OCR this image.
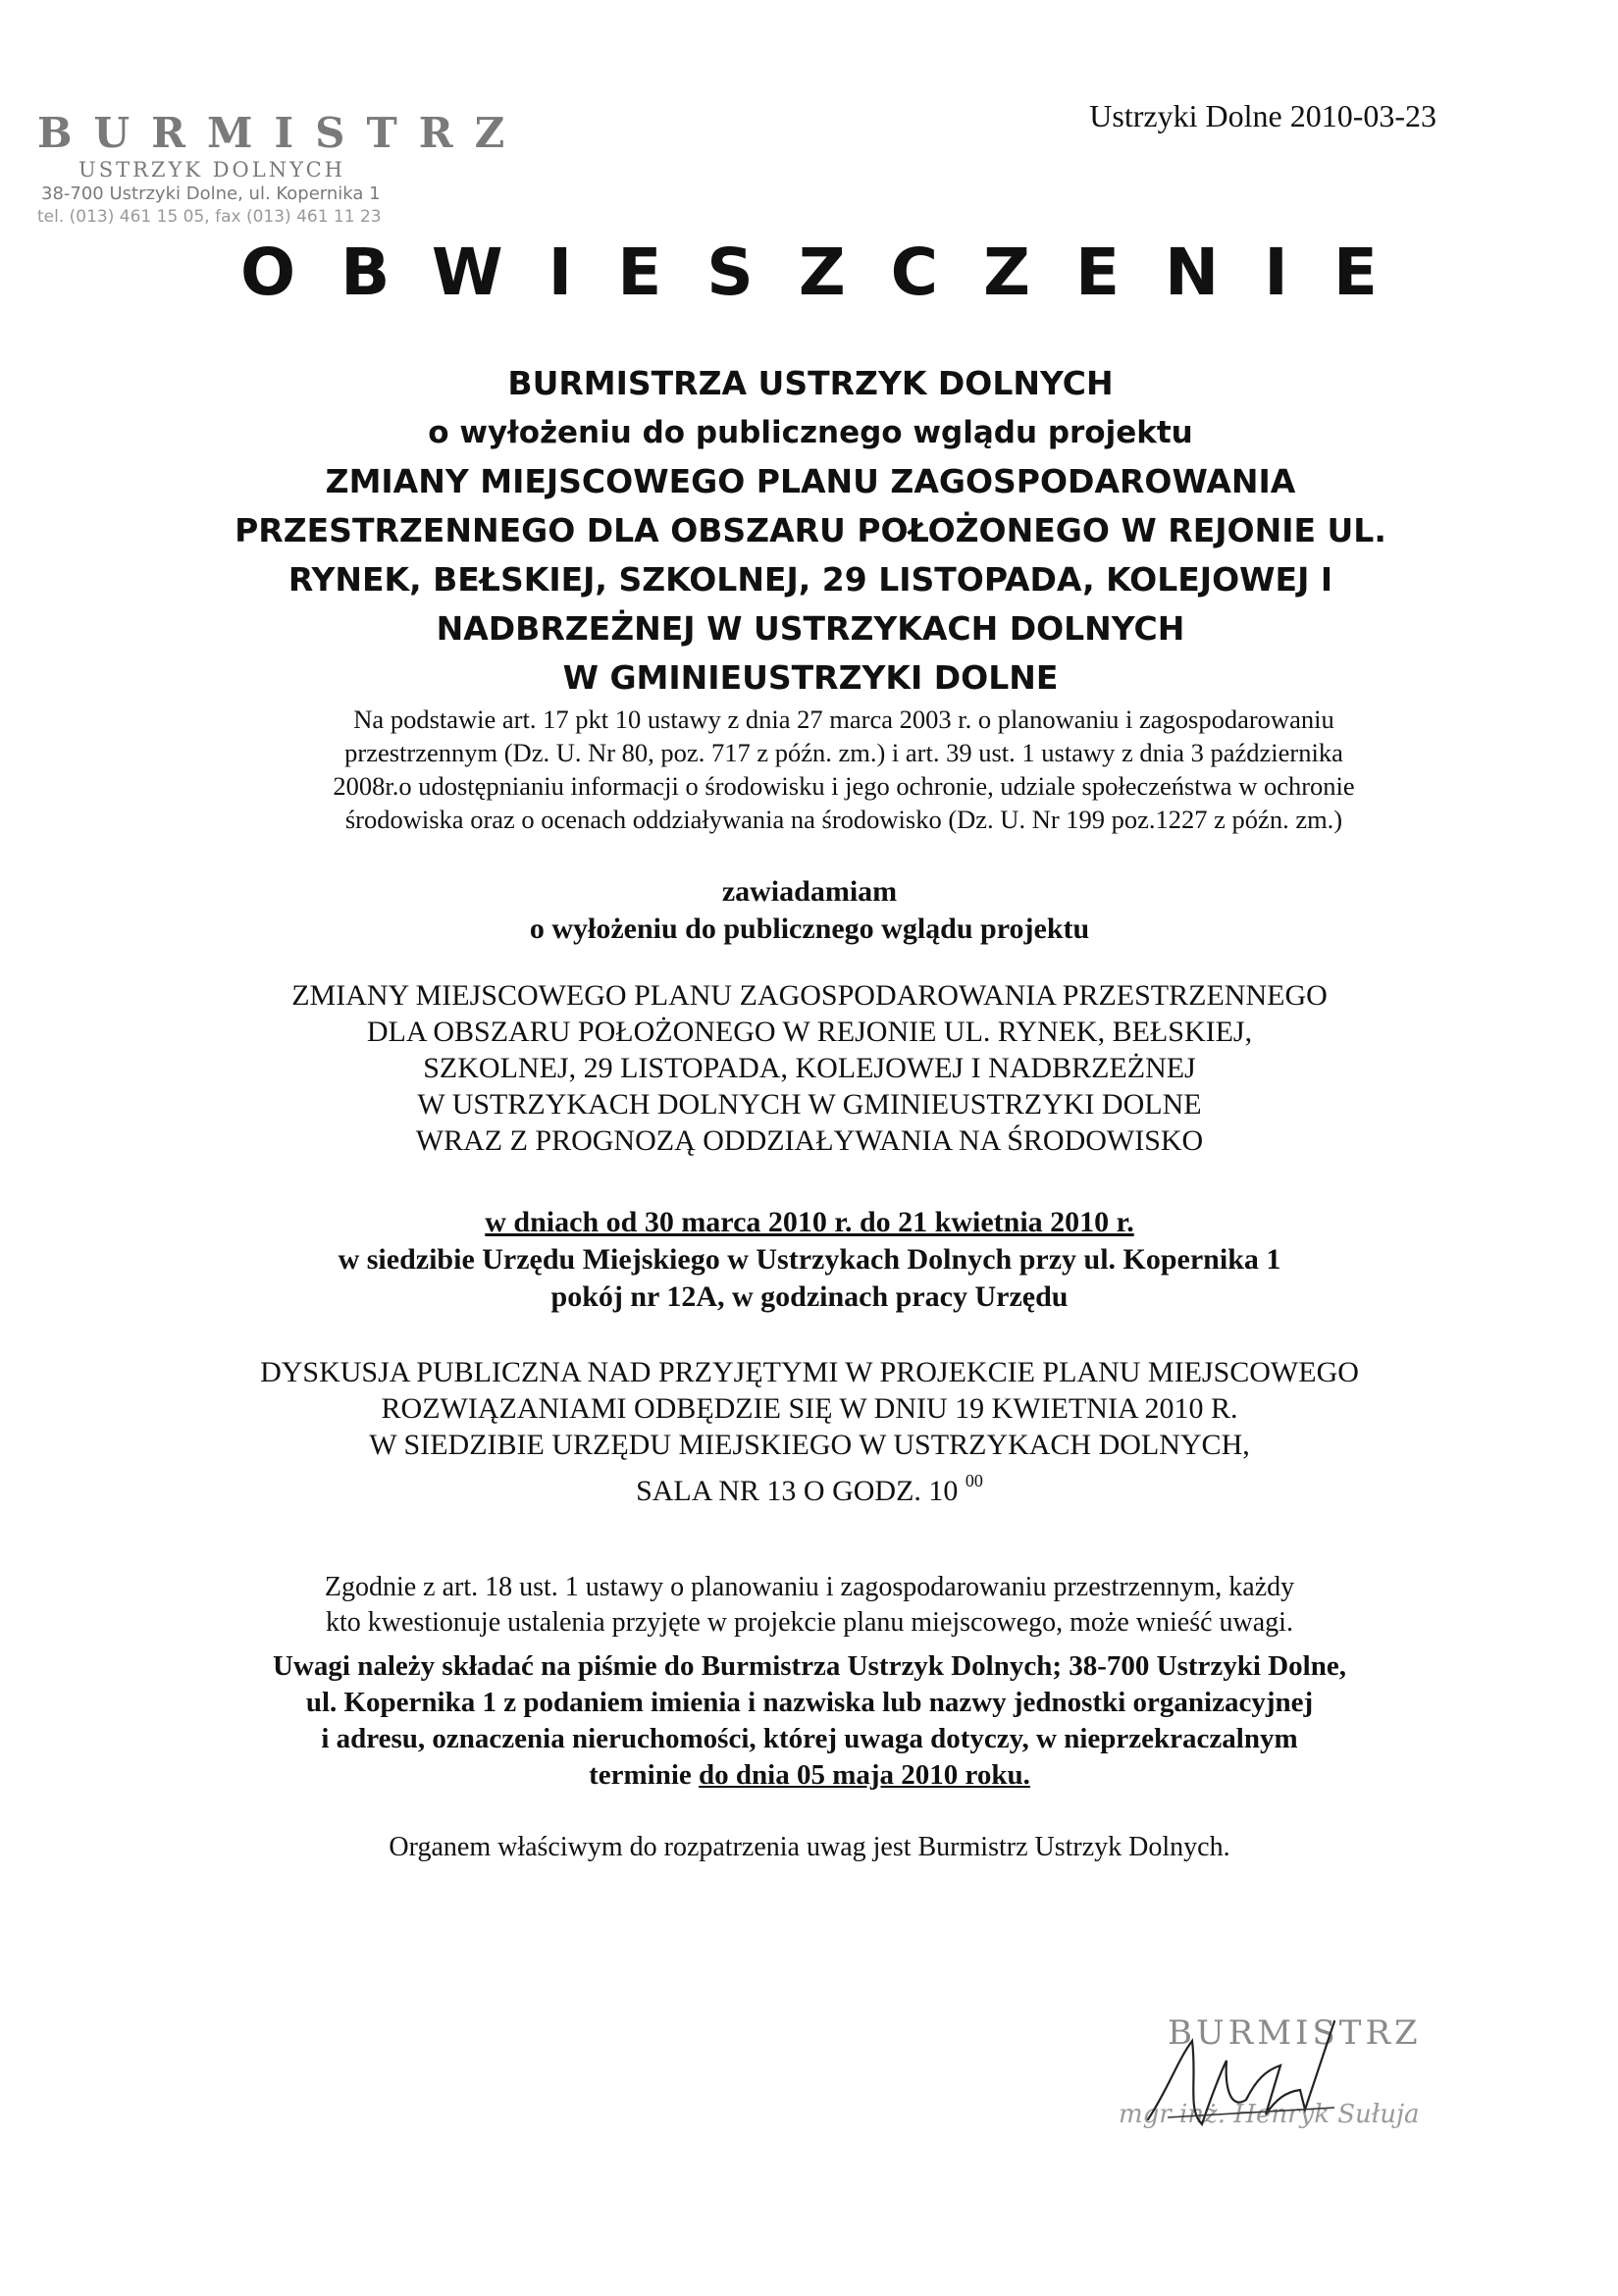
BURMISTRZ
USTRZYK DOLNYCH
38-700 Ustrzyki Dolne, ul. Kopernika 1
tel. (013) 461 15 05, fax (013) 461 11 23
Ustrzyki Dolne 2010-03-23
OBWIESZCZENIE
BURMISTRZA USTRZYK DOLNYCH
o wyłożeniu do publicznego wglądu projektu
ZMIANY MIEJSCOWEGO PLANU ZAGOSPODAROWANIA
PRZESTRZENNEGO DLA OBSZARU POŁOŻONEGO W REJONIE UL.
RYNEK, BEŁSKIEJ, SZKOLNEJ, 29 LISTOPADA, KOLEJOWEJ I
NADBRZEŻNEJ W USTRZYKACH DOLNYCH
W GMINIEUSTRZYKI DOLNE
Na podstawie art. 17 pkt 10 ustawy z dnia 27 marca 2003 r. o planowaniu i zagospodarowaniu
przestrzennym (Dz. U. Nr 80, poz. 717 z późn. zm.) i art. 39 ust. 1 ustawy z dnia 3 października
2008r.o udostępnianiu informacji o środowisku i jego ochronie, udziale społeczeństwa w ochronie
środowiska oraz o ocenach oddziaływania na środowisko (Dz. U. Nr 199 poz.1227 z późn. zm.)
zawiadamiam
o wyłożeniu do publicznego wglądu projektu
ZMIANY MIEJSCOWEGO PLANU ZAGOSPODAROWANIA PRZESTRZENNEGO
DLA OBSZARU POŁOŻONEGO W REJONIE UL. RYNEK, BEŁSKIEJ,
SZKOLNEJ, 29 LISTOPADA, KOLEJOWEJ I NADBRZEŻNEJ
W USTRZYKACH DOLNYCH W GMINIEUSTRZYKI DOLNE
WRAZ Z PROGNOZĄ ODDZIAŁYWANIA NA ŚRODOWISKO
w dniach od 30 marca 2010 r. do 21 kwietnia 2010 r.
w siedzibie Urzędu Miejskiego w Ustrzykach Dolnych przy ul. Kopernika 1
pokój nr 12A, w godzinach pracy Urzędu
DYSKUSJA PUBLICZNA NAD PRZYJĘTYMI W PROJEKCIE PLANU MIEJSCOWEGO
ROZWIĄZANIAMI ODBĘDZIE SIĘ W DNIU 19 KWIETNIA 2010 R.
W SIEDZIBIE URZĘDU MIEJSKIEGO W USTRZYKACH DOLNYCH,
SALA NR 13 O GODZ. 10 $^{00}$
Zgodnie z art. 18 ust. 1 ustawy o planowaniu i zagospodarowaniu przestrzennym, każdy
kto kwestionuje ustalenia przyjęte w projekcie planu miejscowego, może wnieść uwagi.
Uwagi należy składać na piśmie do Burmistrza Ustrzyk Dolnych; 38-700 Ustrzyki Dolne,
ul. Kopernika 1 z podaniem imienia i nazwiska lub nazwy jednostki organizacyjnej
i adresu, oznaczenia nieruchomości, której uwaga dotyczy, w nieprzekraczalnym
terminie do dnia 05 maja 2010 roku.
Organem właściwym do rozpatrzenia uwag jest Burmistrz Ustrzyk Dolnych.
BURMISTRZ
mgr inż. Henryk Sułuja
